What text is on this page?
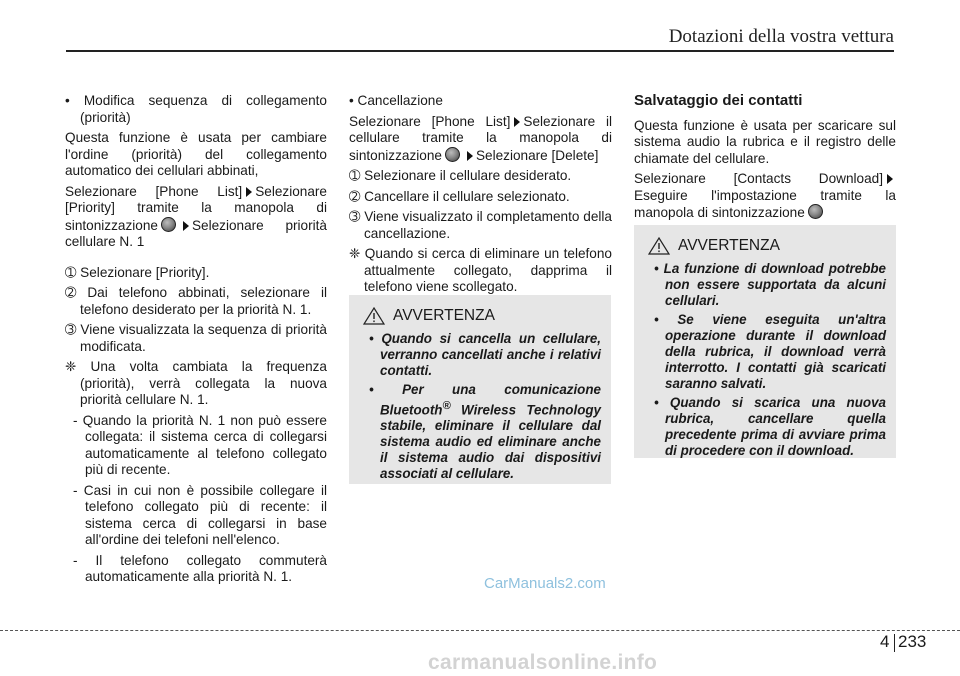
Dotazioni della vostra vettura

• Modifica sequenza di collegamento (priorità)

Questa funzione è usata per cambiare l'ordine (priorità) del collegamento automatico dei cellulari abbinati,

Selezionare [Phone List] Selezionare [Priority] tramite la manopola di sintonizzazione	Selezionare priorità cellulare N. 1

➀ Selezionare [Priority].

➁ Dai telefono abbinati, selezionare il telefono desiderato per la priorità N. 1.

➂ Viene visualizzata la sequenza di priorità modificata.

❈ Una volta cambiata la frequenza (priorità), verrà collegata la nuova priorità cellulare N. 1.

- Quando la priorità N. 1 non può essere collegata: il sistema cerca di collegarsi automaticamente al telefono collegato più di recente.

- Casi in cui non è possibile collegare il telefono collegato più di recente: il sistema cerca di collegarsi in base all'ordine dei telefoni nell'elenco.

- Il telefono collegato commuterà automaticamente alla priorità N. 1.

• Cancellazione

Selezionare [Phone List] Selezionare il cellulare tramite la manopola di sintonizzazione	Selezionare [Delete]

➀ Selezionare il cellulare desiderato.

➁ Cancellare il cellulare selezionato.

➂ Viene visualizzato il completamento della cancellazione.

❈ Quando si cerca di eliminare un telefono attualmente collegato, dapprima il telefono viene scollegato.

AVVERTENZA
• Quando si cancella un cellulare, verranno cancellati anche i relativi contatti.
• Per una comunicazione Bluetooth® Wireless Technology stabile, eliminare il cellulare dal sistema audio ed eliminare anche il sistema audio dai dispositivi associati al cellulare.

Salvataggio dei contatti

Questa funzione è usata per scaricare sul sistema audio la rubrica e il registro delle chiamate del cellulare.

Selezionare [Contacts Download]Eseguire l'impostazione tramite la manopola di sintonizzazione

AVVERTENZA
• La funzione di download potrebbe non essere supportata da alcuni cellulari.
• Se viene eseguita un'altra operazione durante il download della rubrica, il download verrà interrotto. I contatti già scaricati saranno salvati.
• Quando si scarica una nuova rubrica, cancellare quella precedente prima di avviare prima di procedere con il download.
CarManuals2.com
4 233
carmanualsonline.info
